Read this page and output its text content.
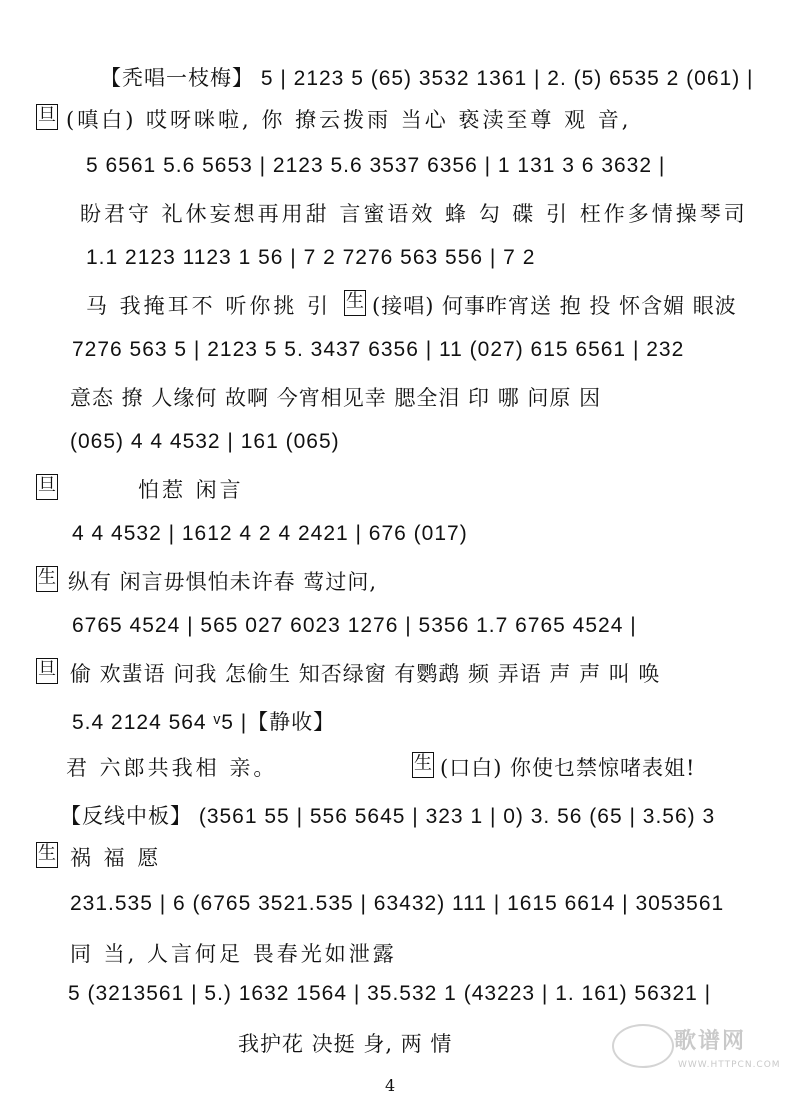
【秃唱一枝梅】 5 | 2123 5 (65) 3532 1361 | 2. (5) 6535 2 (061) |
旦 (嗔白) 哎呀咪啦, 你 撩云拨雨 当心 亵渎至尊 观 音,
5 6561 5.6 5653 | 2123 5.6 3537 6356 | 1 131 3 6 3632 |
盼君守 礼休妄想再用甜 言蜜语效 蜂 勾 碟 引 枉作多情操琴司
1.1 2123 1123 1 56 | 7 2 7276 563 556 | 7 2
马 我掩耳不 听你挑 引 生 (接唱) 何事昨宵送 抱 投 怀含媚 眼波
7276 563 5 | 2123 5 5. 3437 6356 | 11 (027) 615 6561 | 232
意态 撩 人缘何 故啊 今宵相见幸 腮全泪 印 哪 问原 因
(065) 4 4 4532 | 161 (065)
旦	怕惹 闲言
4 4 4532 | 1612 4 2 4 2421 | 676 (017)
生 纵有 闲言毋惧怕未许春 莺过问,
6765 4524 | 565 027 6023 1276 | 5356 1.7 6765 4524 |
旦 偷 欢蜚语 问我 怎偷生 知否绿窗 有鹦鹉 频 弄语 声 声 叫 唤
5.4 2124 564 ᵛ5 |【静收】
君 六郎共我相 亲。	生 (口白) 你使乜禁惊啫表姐!
【反线中板】 (3561 55 | 556 5645 | 323 1 | 0) 3. 56 (65 | 3.56) 3
生 祸 福 愿
231.535 | 6 (6765 3521.535 | 63432) 111 | 1615 6614 | 3053561
同 当, 人言何足 畏春光如泄露
5 (3213561 | 5.) 1632 1564 | 35.532 1 (43223 | 1. 161) 56321 |
我护花 决挺 身, 两 情
4
歌谱网
WWW.HTTPCN.COM
